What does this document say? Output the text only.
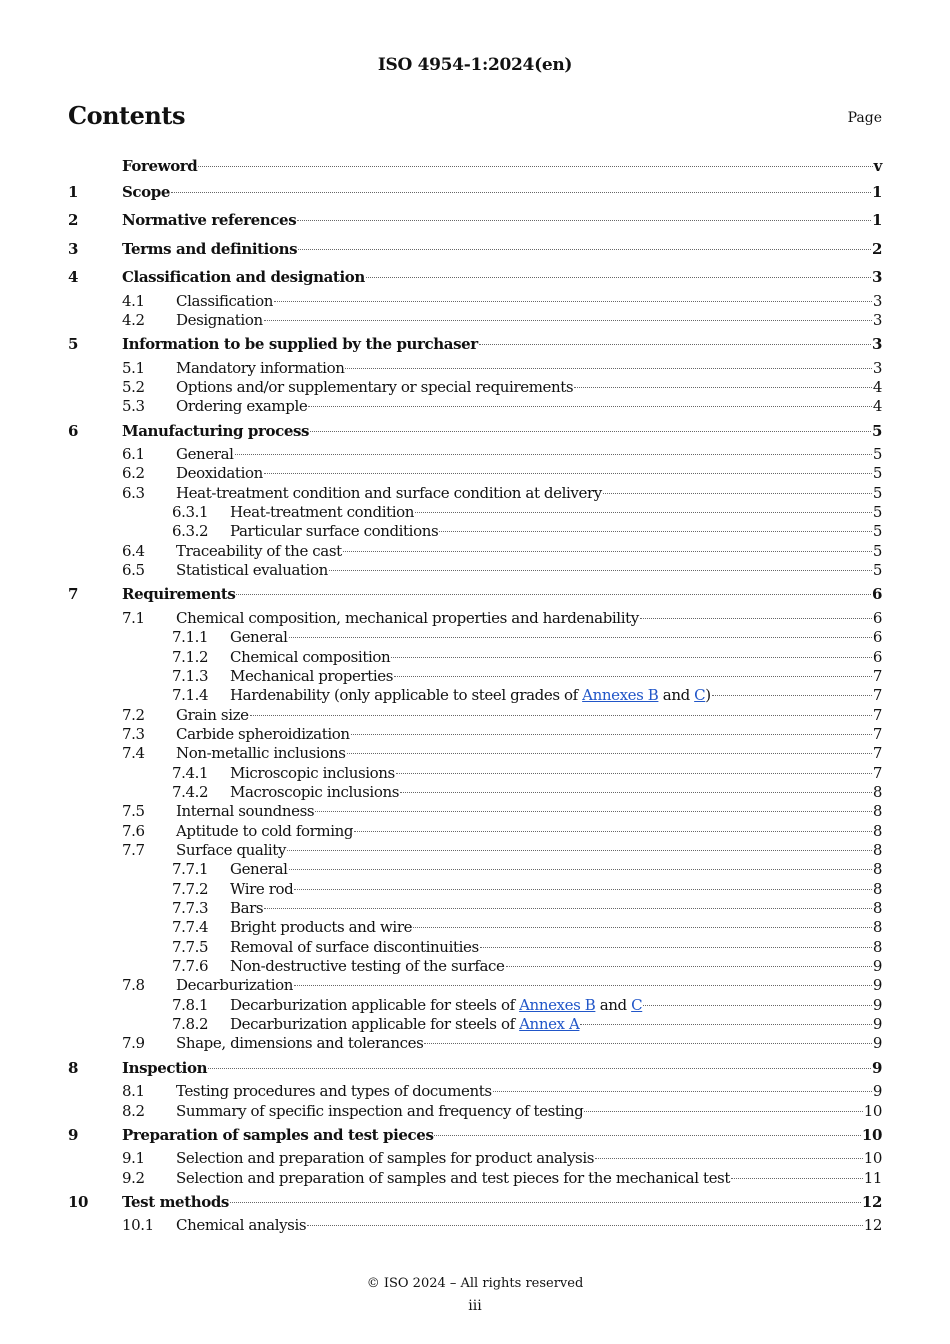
ISO 4954-1:2024(en)
Contents	Page
Foreword	v
1	Scope	1
2	Normative references	1
3	Terms and definitions	2
4	Classification and designation	3
4.1	Classification	3
4.2	Designation	3
5	Information to be supplied by the purchaser	3
5.1	Mandatory information	3
5.2	Options and/or supplementary or special requirements	4
5.3	Ordering example	4
6	Manufacturing process	5
6.1	General	5
6.2	Deoxidation	5
6.3	Heat-treatment condition and surface condition at delivery	5
6.3.1	Heat-treatment condition	5
6.3.2	Particular surface conditions	5
6.4	Traceability of the cast	5
6.5	Statistical evaluation	5
7	Requirements	6
7.1	Chemical composition, mechanical properties and hardenability	6
7.1.1	General	6
7.1.2	Chemical composition	6
7.1.3	Mechanical properties	7
7.1.4	Hardenability (only applicable to steel grades of Annexes B and C)	7
7.2	Grain size	7
7.3	Carbide spheroidization	7
7.4	Non-metallic inclusions	7
7.4.1	Microscopic inclusions	7
7.4.2	Macroscopic inclusions	8
7.5	Internal soundness	8
7.6	Aptitude to cold forming	8
7.7	Surface quality	8
7.7.1	General	8
7.7.2	Wire rod	8
7.7.3	Bars	8
7.7.4	Bright products and wire	8
7.7.5	Removal of surface discontinuities	8
7.7.6	Non-destructive testing of the surface	9
7.8	Decarburization	9
7.8.1	Decarburization applicable for steels of Annexes B and C	9
7.8.2	Decarburization applicable for steels of Annex A	9
7.9	Shape, dimensions and tolerances	9
8	Inspection	9
8.1	Testing procedures and types of documents	9
8.2	Summary of specific inspection and frequency of testing	10
9	Preparation of samples and test pieces	10
9.1	Selection and preparation of samples for product analysis	10
9.2	Selection and preparation of samples and test pieces for the mechanical test	11
10	Test methods	12
10.1	Chemical analysis	12
© ISO 2024 – All rights reserved
iii
